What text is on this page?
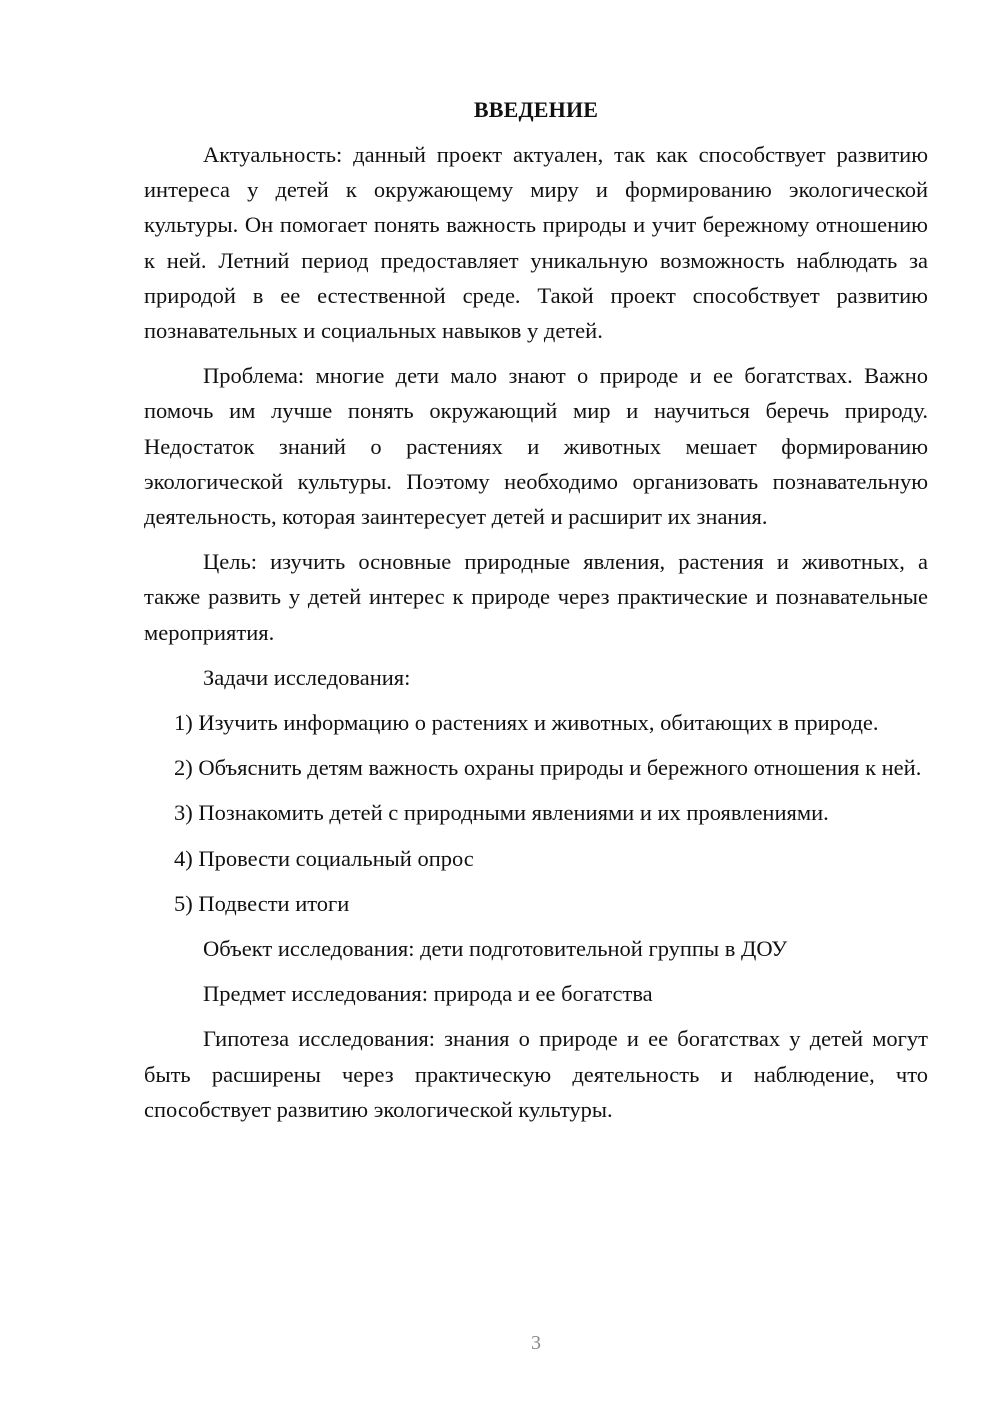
ВВЕДЕНИЕ

Актуальность: данный проект актуален, так как способствует развитию интереса у детей к окружающему миру и формированию экологической культуры. Он помогает понять важность природы и учит бережному отношению к ней. Летний период предоставляет уникальную возможность наблюдать за природой в ее естественной среде. Такой проект способствует развитию познавательных и социальных навыков у детей.

Проблема: многие дети мало знают о природе и ее богатствах. Важно помочь им лучше понять окружающий мир и научиться беречь природу. Недостаток знаний о растениях и животных мешает формированию экологической культуры. Поэтому необходимо организовать познавательную деятельность, которая заинтересует детей и расширит их знания.

Цель: изучить основные природные явления, растения и животных, а также развить у детей интерес к природе через практические и познавательные мероприятия.

Задачи исследования:

1) Изучить информацию о растениях и животных, обитающих в природе.

2) Объяснить детям важность охраны природы и бережного отношения к ней.

3) Познакомить детей с природными явлениями и их проявлениями.

4) Провести социальный опрос

5) Подвести итоги

Объект исследования: дети подготовительной группы в ДОУ

Предмет исследования: природа и ее богатства

Гипотеза исследования: знания о природе и ее богатствах у детей могут быть расширены через практическую деятельность и наблюдение, что способствует развитию экологической культуры.

3
